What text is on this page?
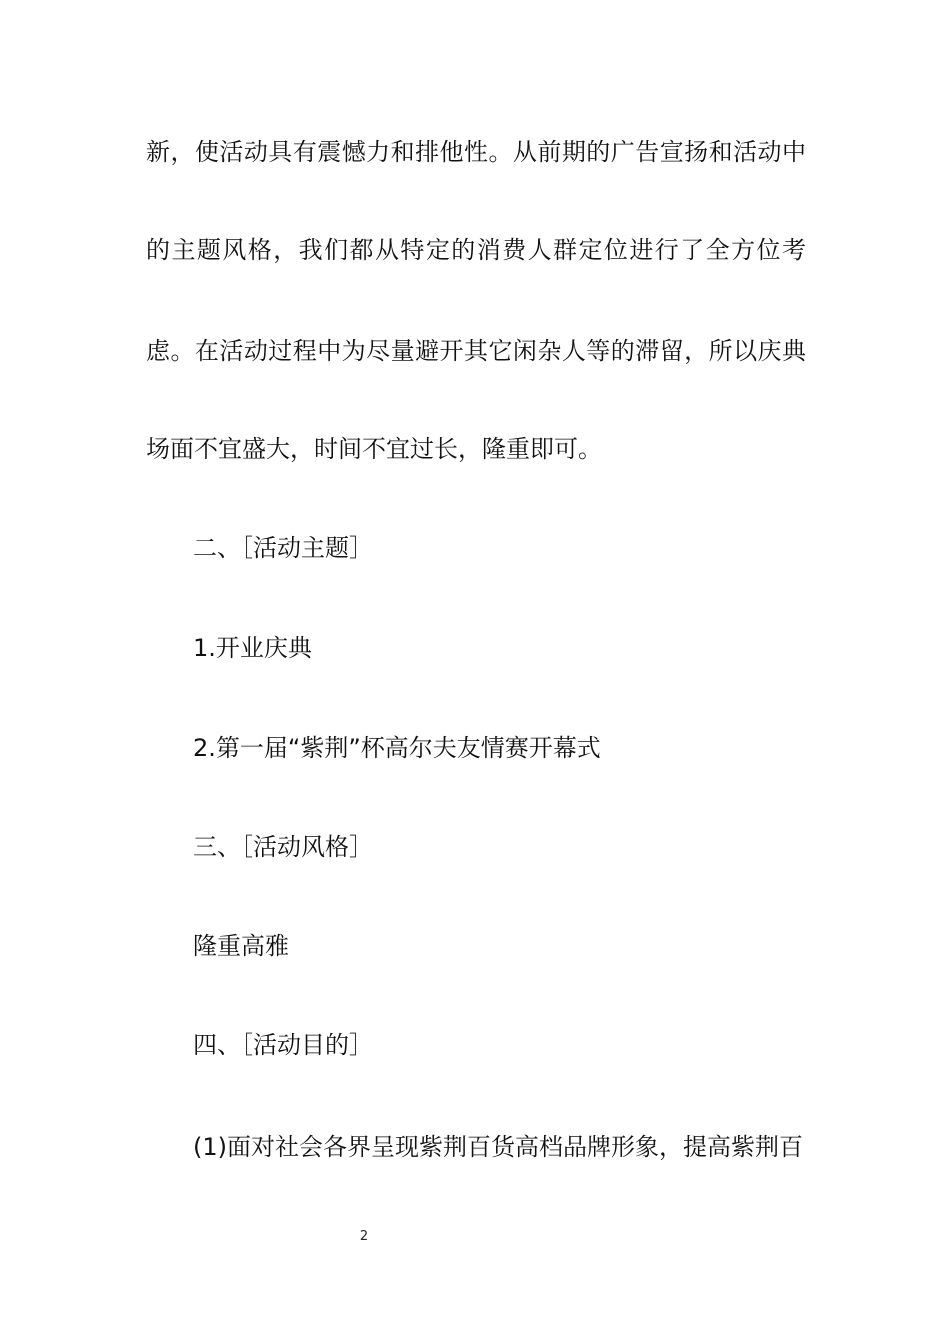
新，使活动具有震憾力和排他性。从前期的广告宣扬和活动中
的主题风格，我们都从特定的消费人群定位进行了全方位考
虑。在活动过程中为尽量避开其它闲杂人等的滞留，所以庆典
场面不宜盛大，时间不宜过长，隆重即可。
二、［活动主题］
1.开业庆典
2.第一届“紫荆”杯高尔夫友情赛开幕式
三、［活动风格］
隆重高雅
四、［活动目的］
(1)面对社会各界呈现紫荆百货高档品牌形象，提高紫荆百
2
